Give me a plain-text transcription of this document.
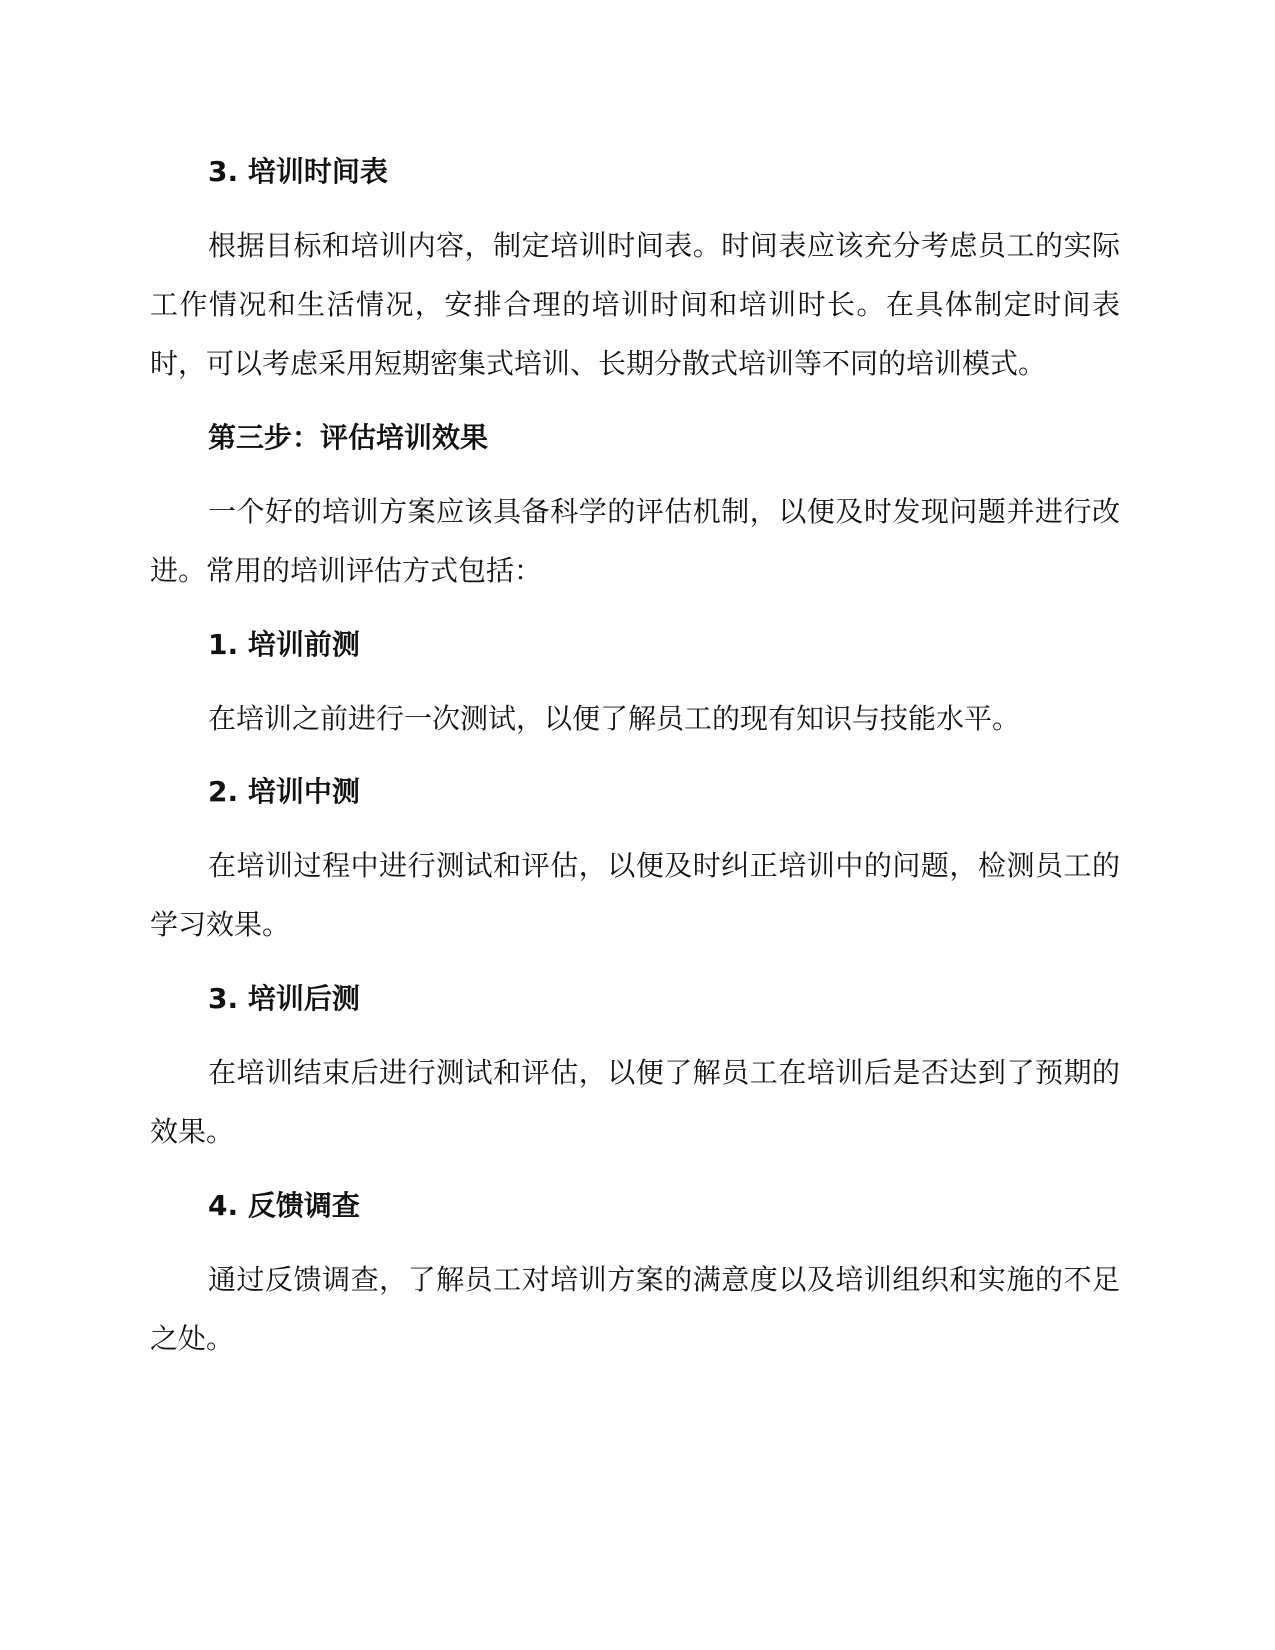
3. 培训时间表

根据目标和培训内容，制定培训时间表。时间表应该充分考虑员工的实际工作情况和生活情况，安排合理的培训时间和培训时长。在具体制定时间表时，可以考虑采用短期密集式培训、长期分散式培训等不同的培训模式。

第三步：评估培训效果

一个好的培训方案应该具备科学的评估机制，以便及时发现问题并进行改进。常用的培训评估方式包括：

1. 培训前测

在培训之前进行一次测试，以便了解员工的现有知识与技能水平。

2. 培训中测

在培训过程中进行测试和评估，以便及时纠正培训中的问题，检测员工的学习效果。

3. 培训后测

在培训结束后进行测试和评估，以便了解员工在培训后是否达到了预期的效果。

4. 反馈调查

通过反馈调查，了解员工对培训方案的满意度以及培训组织和实施的不足之处。
